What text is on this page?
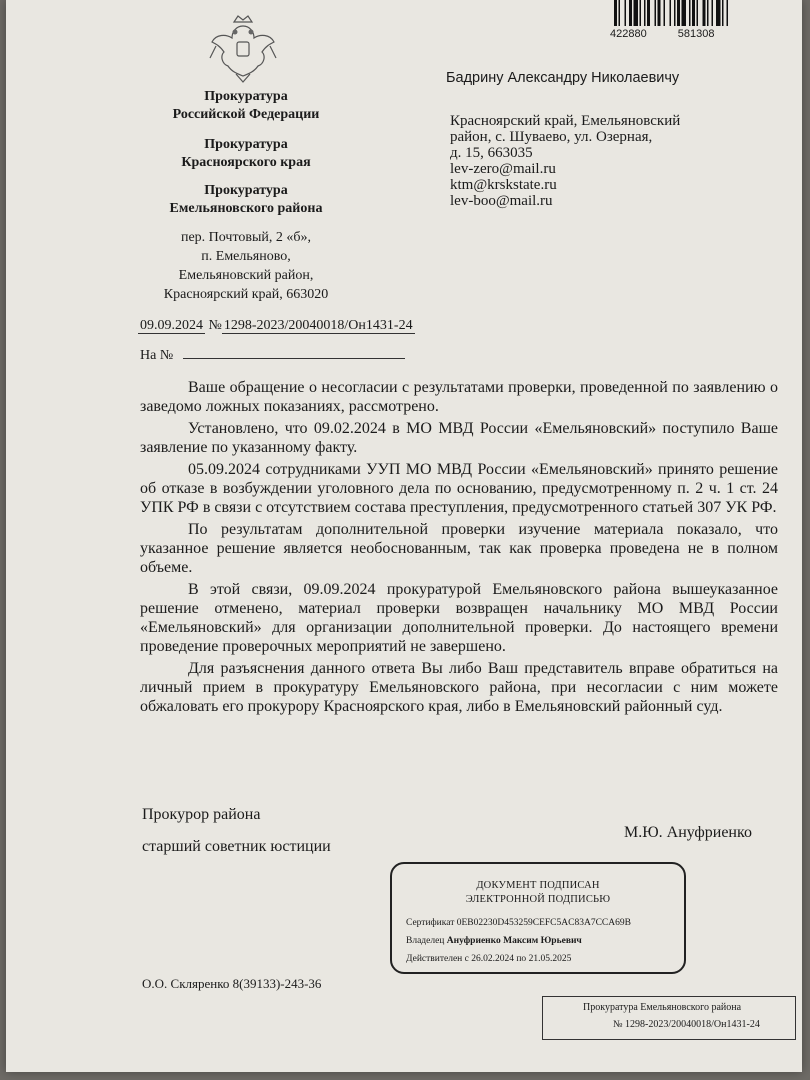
Прокуратура
Российской Федерации
Прокуратура
Красноярского края
Прокуратура
Емельяновского района
пер. Почтовый, 2 «б»,
п. Емельяново,
Емельяновский район,
Красноярский край, 663020
422880	581308
Бадрину Александру Николаевичу
Красноярский край, Емельяновский
район, с. Шуваево, ул. Озерная,
д. 15, 663035
lev-zero@mail.ru
ktm@krskstate.ru
lev-boo@mail.ru
09.09.2024 № 1298-2023/20040018/Он1431-24
На №

Ваше обращение о несогласии с результатами проверки, проведенной по заявлению о заведомо ложных показаниях, рассмотрено.

Установлено, что 09.02.2024 в МО МВД России «Емельяновский» поступило Ваше заявление по указанному факту.

05.09.2024 сотрудниками УУП МО МВД России «Емельяновский» принято решение об отказе в возбуждении уголовного дела по основанию, предусмотренному п. 2 ч. 1 ст. 24 УПК РФ в связи с отсутствием состава преступления, предусмотренного статьей 307 УК РФ.

По результатам дополнительной проверки изучение материала показало, что указанное решение является необоснованным, так как проверка проведена не в полном объеме.

В этой связи, 09.09.2024 прокуратурой Емельяновского района вышеуказанное решение отменено, материал проверки возвращен начальнику МО МВД России «Емельяновский» для организации дополнительной проверки. До настоящего времени проведение проверочных мероприятий не завершено.

Для разъяснения данного ответа Вы либо Ваш представитель вправе обратиться на личный прием в прокуратуру Емельяновского района, при несогласии с ним можете обжаловать его прокурору Красноярского края, либо в Емельяновский районный суд.

Прокурор района
старший советник юстиции
М.Ю. Ануфриенко
ДОКУМЕНТ ПОДПИСАН
ЭЛЕКТРОННОЙ ПОДПИСЬЮ
Сертификат 0EB02230D453259CEFC5AC83A7CCA69B
Владелец Ануфриенко Максим Юрьевич
Действителен с 26.02.2024 по 21.05.2025
О.О. Скляренко 8(39133)-243-36
Прокуратура Емельяновского района
№ 1298-2023/20040018/Он1431-24
